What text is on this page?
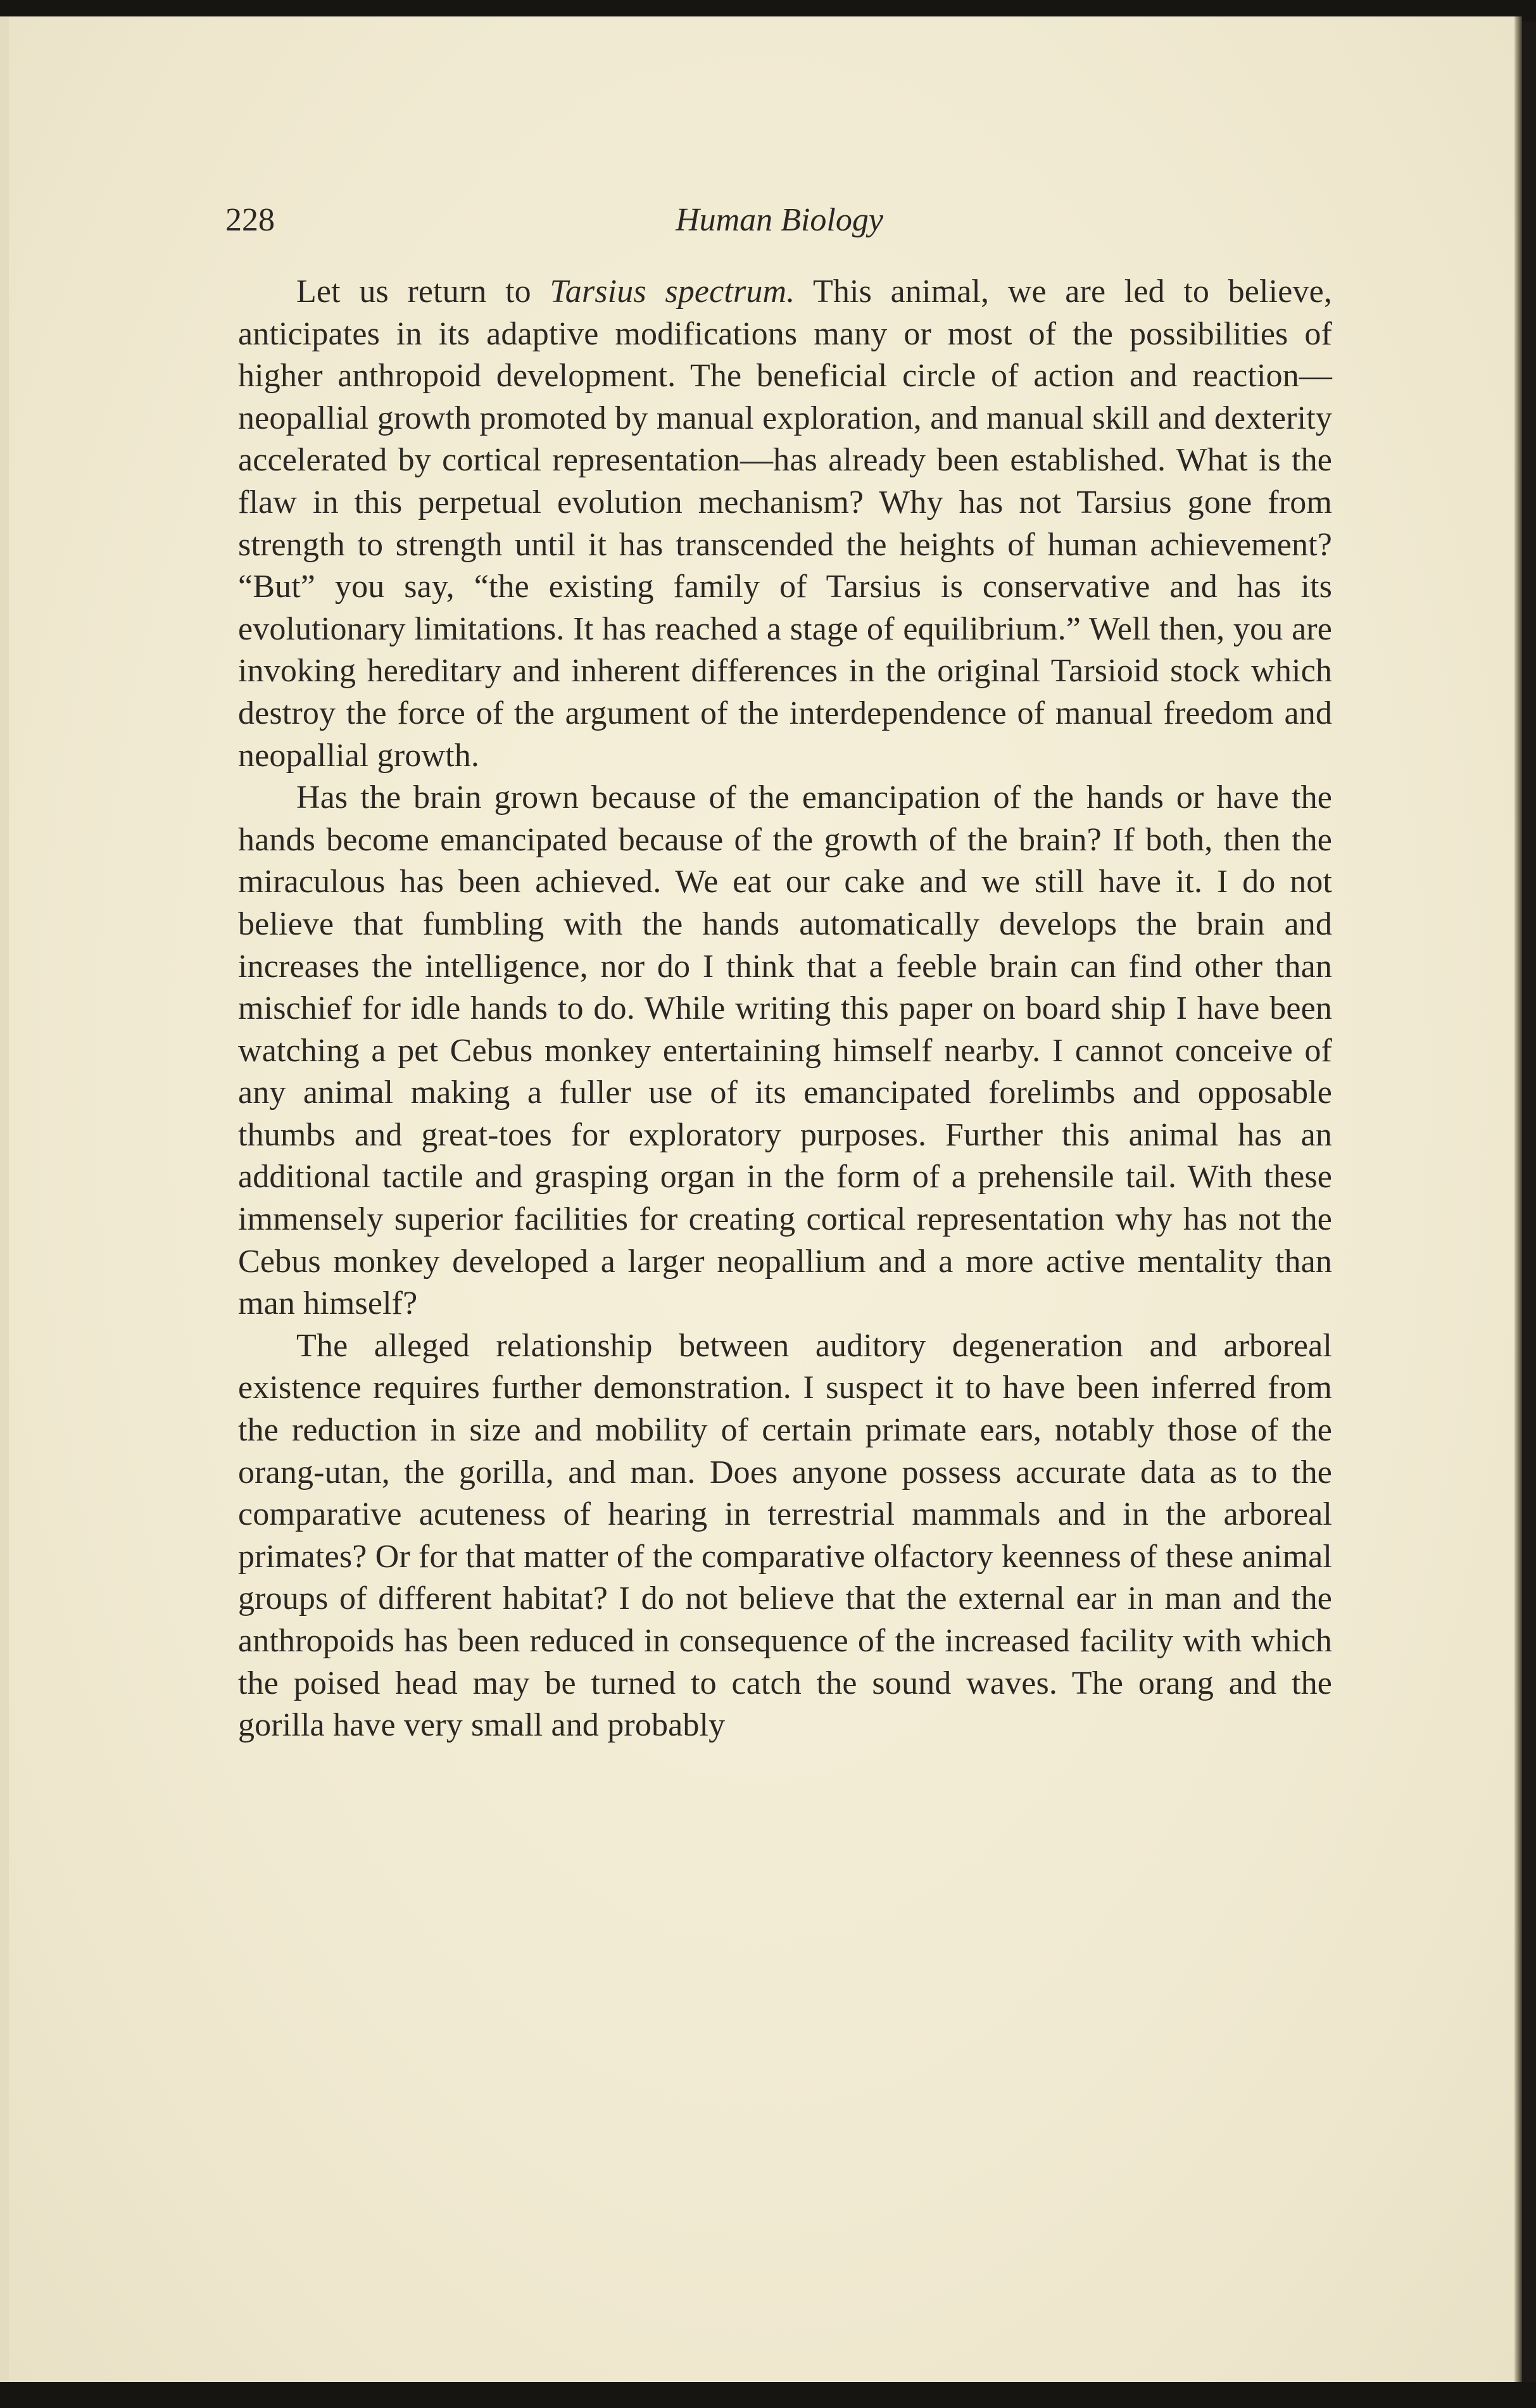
228	Human Biology

Let us return to Tarsius spectrum. This animal, we are led to believe, anticipates in its adaptive modifications many or most of the possibilities of higher anthropoid development. The beneficial circle of action and reaction—neopallial growth promoted by manual exploration, and manual skill and dexterity accelerated by cortical representation—has already been established. What is the flaw in this perpetual evolution mechanism? Why has not Tarsius gone from strength to strength until it has transcended the heights of human achievement? “But” you say, “the existing family of Tarsius is conservative and has its evolutionary limitations. It has reached a stage of equilibrium.” Well then, you are invoking hereditary and inherent differences in the original Tarsioid stock which destroy the force of the argument of the interdependence of manual freedom and neopallial growth.

Has the brain grown because of the emancipation of the hands or have the hands become emancipated because of the growth of the brain? If both, then the miraculous has been achieved. We eat our cake and we still have it. I do not believe that fumbling with the hands automatically develops the brain and increases the intelligence, nor do I think that a feeble brain can find other than mischief for idle hands to do. While writing this paper on board ship I have been watching a pet Cebus monkey entertaining himself nearby. I cannot conceive of any animal making a fuller use of its emancipated forelimbs and opposable thumbs and great-toes for exploratory purposes. Further this animal has an additional tactile and grasping organ in the form of a prehensile tail. With these immensely superior facilities for creating cortical representation why has not the Cebus monkey developed a larger neopallium and a more active mentality than man himself?

The alleged relationship between auditory degeneration and arboreal existence requires further demonstration. I suspect it to have been inferred from the reduction in size and mobility of certain primate ears, notably those of the orang-utan, the gorilla, and man. Does anyone possess accurate data as to the comparative acuteness of hearing in terrestrial mammals and in the arboreal primates? Or for that matter of the comparative olfactory keenness of these animal groups of different habitat? I do not believe that the external ear in man and the anthropoids has been reduced in consequence of the increased facility with which the poised head may be turned to catch the sound waves. The orang and the gorilla have very small and probably
